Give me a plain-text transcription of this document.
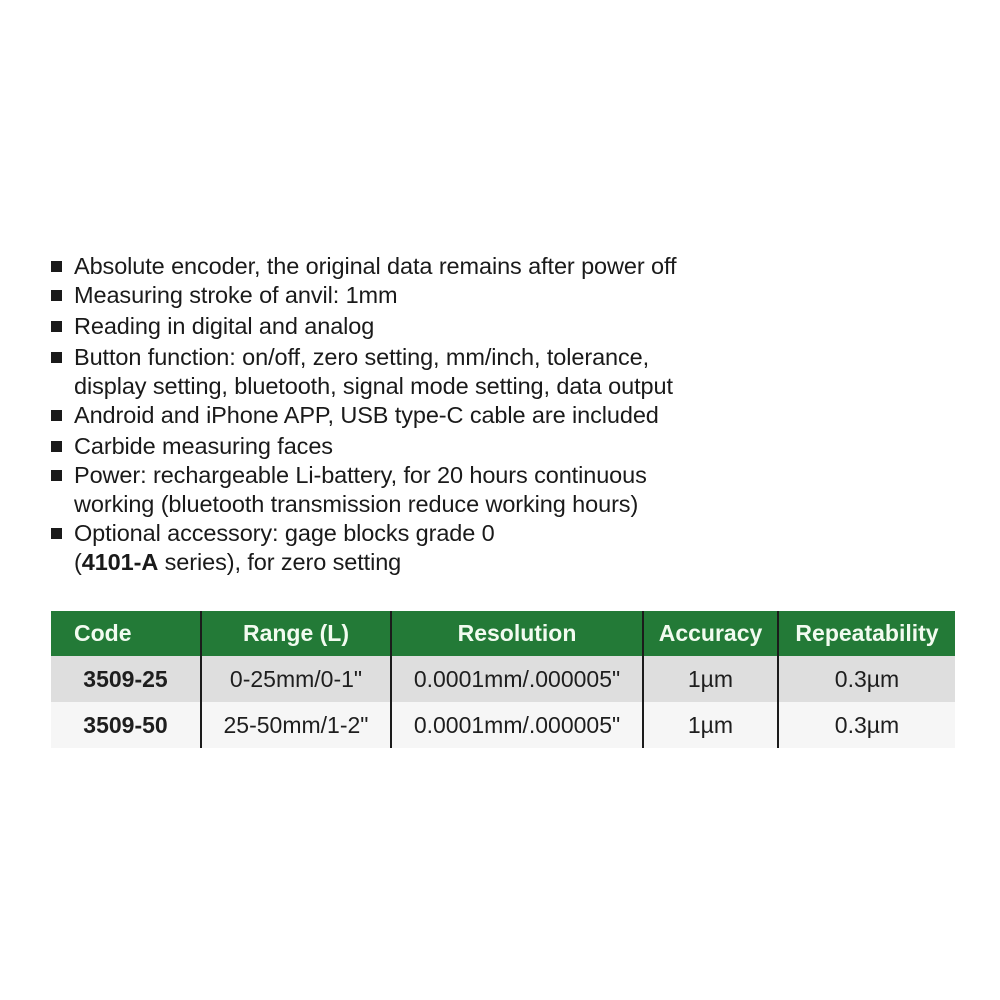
Absolute encoder, the original data remains after power off
Measuring stroke of anvil: 1mm
Reading in digital and analog
Button function: on/off, zero setting, mm/inch, tolerance,
display setting, bluetooth, signal mode setting, data output
Android and iPhone APP, USB type-C cable are included
Carbide measuring faces
Power: rechargeable Li-battery, for 20 hours continuous
working (bluetooth transmission reduce working hours)
Optional accessory: gage blocks grade 0
(4101-A series), for zero setting
Code	Range (L)	Resolution	Accuracy	Repeatability
3509-25	0-25mm/0-1"	0.0001mm/.000005"	1µm	0.3µm
3509-50	25-50mm/1-2"	0.0001mm/.000005"	1µm	0.3µm
